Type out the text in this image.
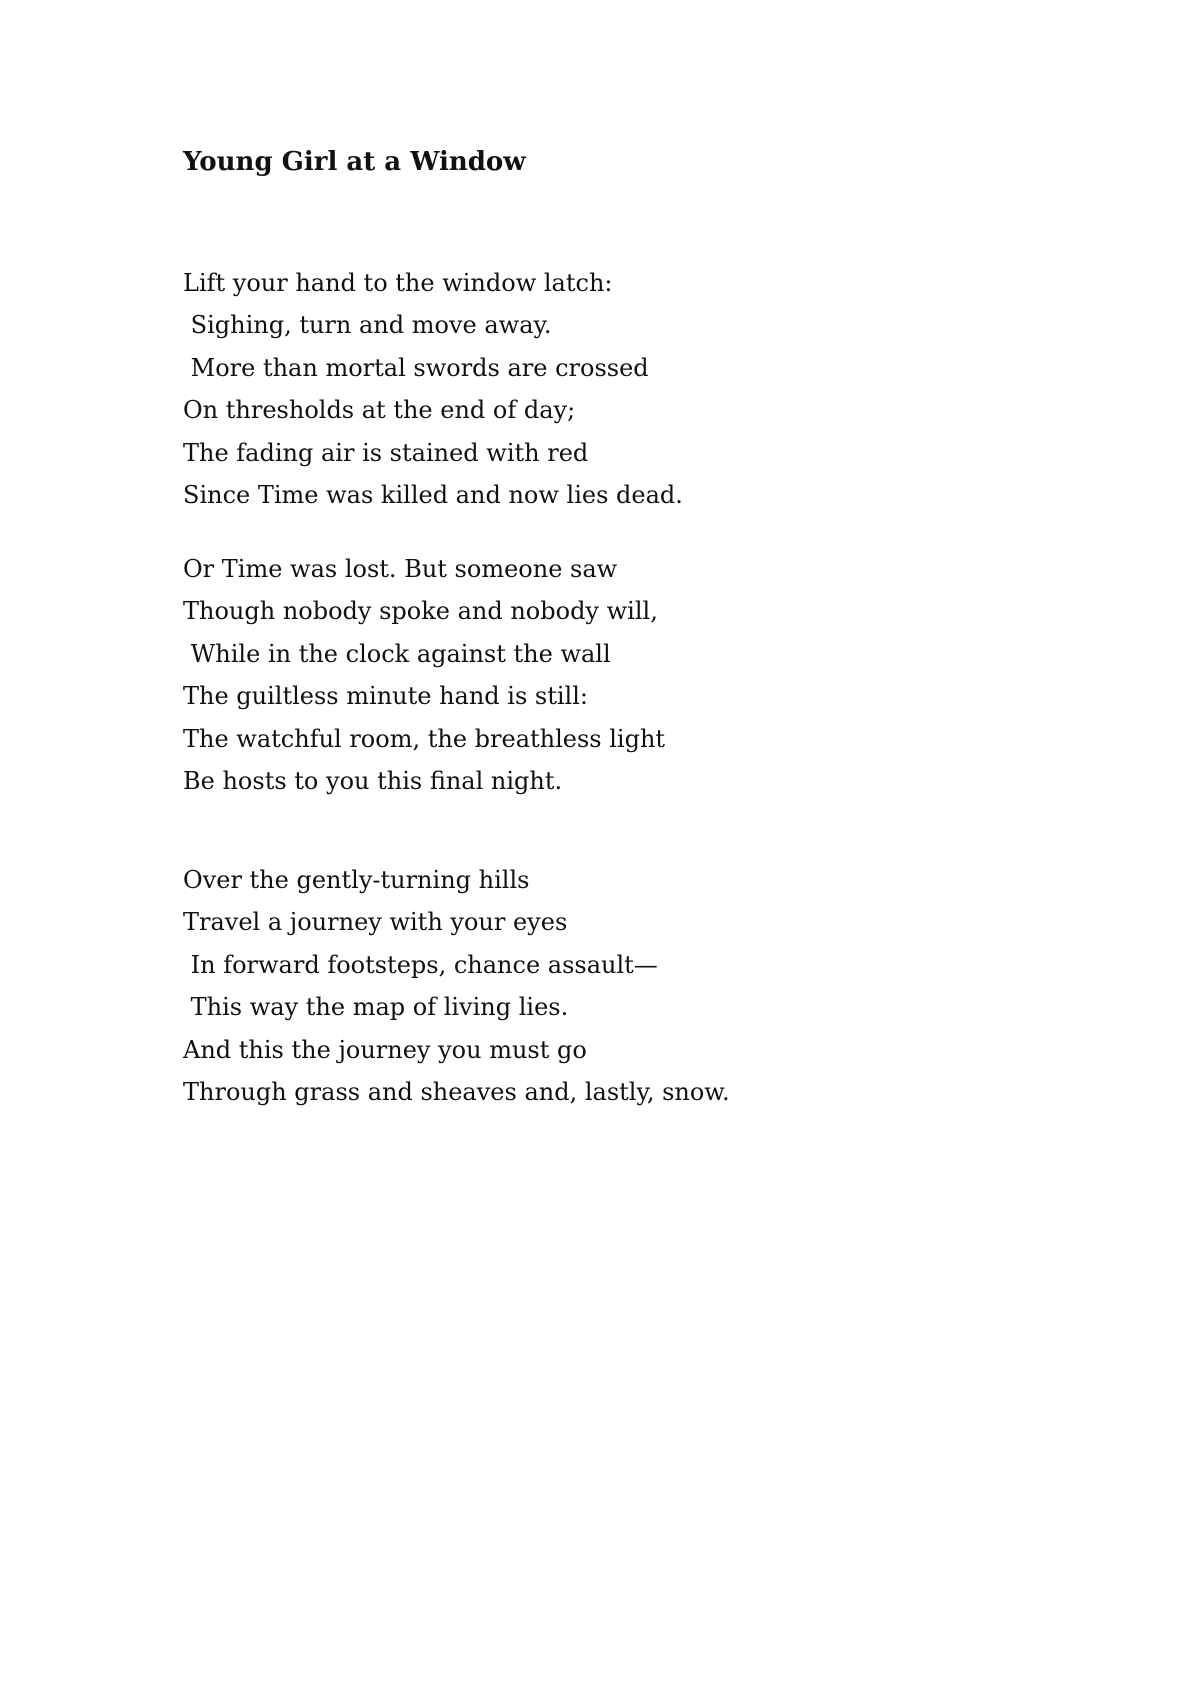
Young Girl at a Window
Lift your hand to the window latch:
Sighing, turn and move away.
More than mortal swords are crossed
On thresholds at the end of day;
The fading air is stained with red
Since Time was killed and now lies dead.
Or Time was lost. But someone saw
Though nobody spoke and nobody will,
While in the clock against the wall
The guiltless minute hand is still:
The watchful room, the breathless light
Be hosts to you this final night.
Over the gently-turning hills
Travel a journey with your eyes
In forward footsteps, chance assault—
This way the map of living lies.
And this the journey you must go
Through grass and sheaves and, lastly, snow.
